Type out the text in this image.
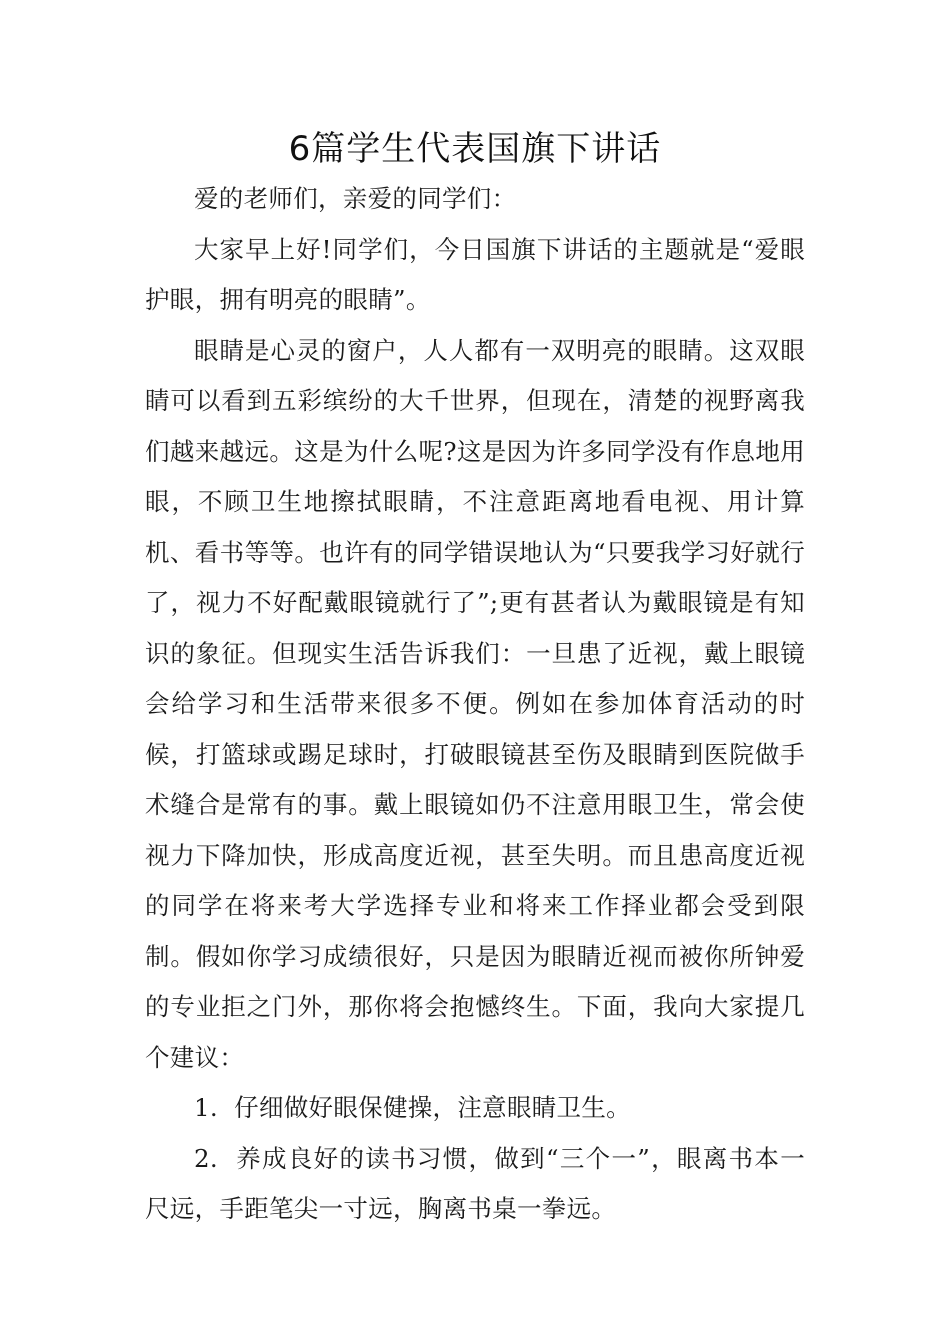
6篇学生代表国旗下讲话

爱的老师们，亲爱的同学们：

大家早上好!同学们，今日国旗下讲话的主题就是“爱眼护眼，拥有明亮的眼睛”。

眼睛是心灵的窗户，人人都有一双明亮的眼睛。这双眼睛可以看到五彩缤纷的大千世界，但现在，清楚的视野离我们越来越远。这是为什么呢?这是因为许多同学没有作息地用眼，不顾卫生地擦拭眼睛，不注意距离地看电视、用计算机、看书等等。也许有的同学错误地认为“只要我学习好就行了，视力不好配戴眼镜就行了”;更有甚者认为戴眼镜是有知识的象征。但现实生活告诉我们：一旦患了近视，戴上眼镜会给学习和生活带来很多不便。例如在参加体育活动的时候，打篮球或踢足球时，打破眼镜甚至伤及眼睛到医院做手术缝合是常有的事。戴上眼镜如仍不注意用眼卫生，常会使视力下降加快，形成高度近视，甚至失明。而且患高度近视的同学在将来考大学选择专业和将来工作择业都会受到限制。假如你学习成绩很好，只是因为眼睛近视而被你所钟爱的专业拒之门外，那你将会抱憾终生。下面，我向大家提几个建议：

1.  仔细做好眼保健操，注意眼睛卫生。

2.  养成良好的读书习惯，做到“三个一”，眼离书本一尺远，手距笔尖一寸远，胸离书桌一拳远。
